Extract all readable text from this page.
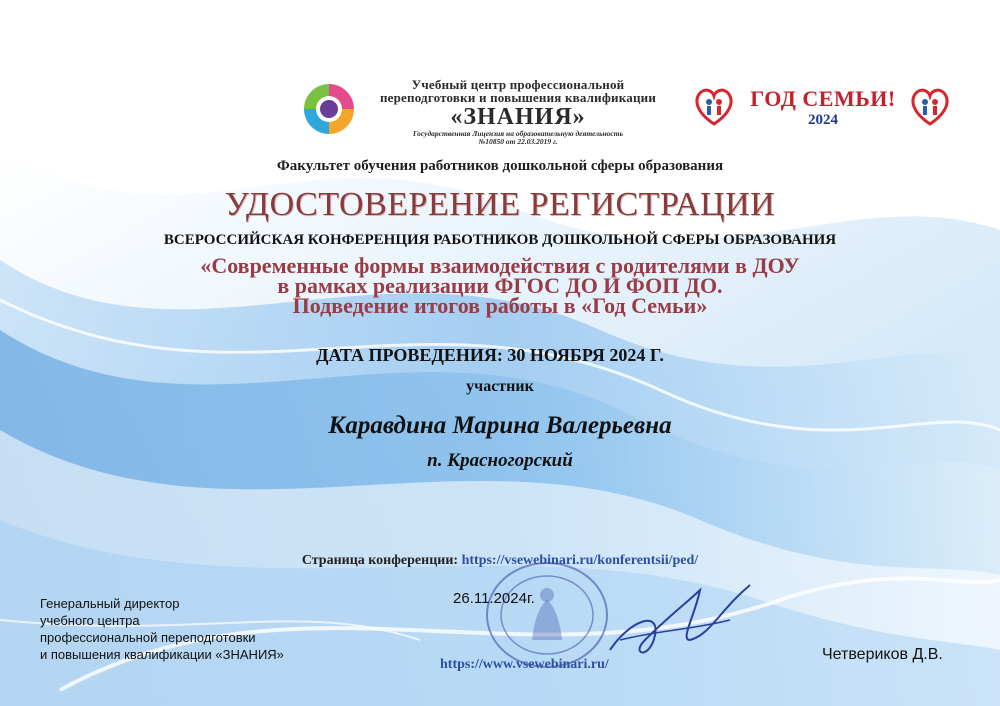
Учебный центр профессиональной
переподготовки и повышения квалификации
«ЗНАНИЯ»
Государственная Лицензия на образовательную деятельность
№10850 от 22.03.2019 г.
ГОД СЕМЬИ!
2024
Факультет обучения работников дошкольной сферы образования
УДОСТОВЕРЕНИЕ РЕГИСТРАЦИИ
ВСЕРОССИЙСКАЯ КОНФЕРЕНЦИЯ РАБОТНИКОВ ДОШКОЛЬНОЙ СФЕРЫ ОБРАЗОВАНИЯ
«Современные формы взаимодействия с родителями в ДОУ
в рамках реализации ФГОС ДО И ФОП ДО.
Подведение итогов работы в «Год Семьи»
ДАТА ПРОВЕДЕНИЯ: 30 НОЯБРЯ 2024 Г.
участник
Каравдина Марина Валерьевна
п. Красногорский
Страница конференции: https://vsewebinari.ru/konferentsii/ped/
Генеральный директор
учебного центра
профессиональной переподготовки
и повышения квалификации «ЗНАНИЯ»
26.11.2024г.
https://www.vsewebinari.ru/
Четвериков Д.В.
